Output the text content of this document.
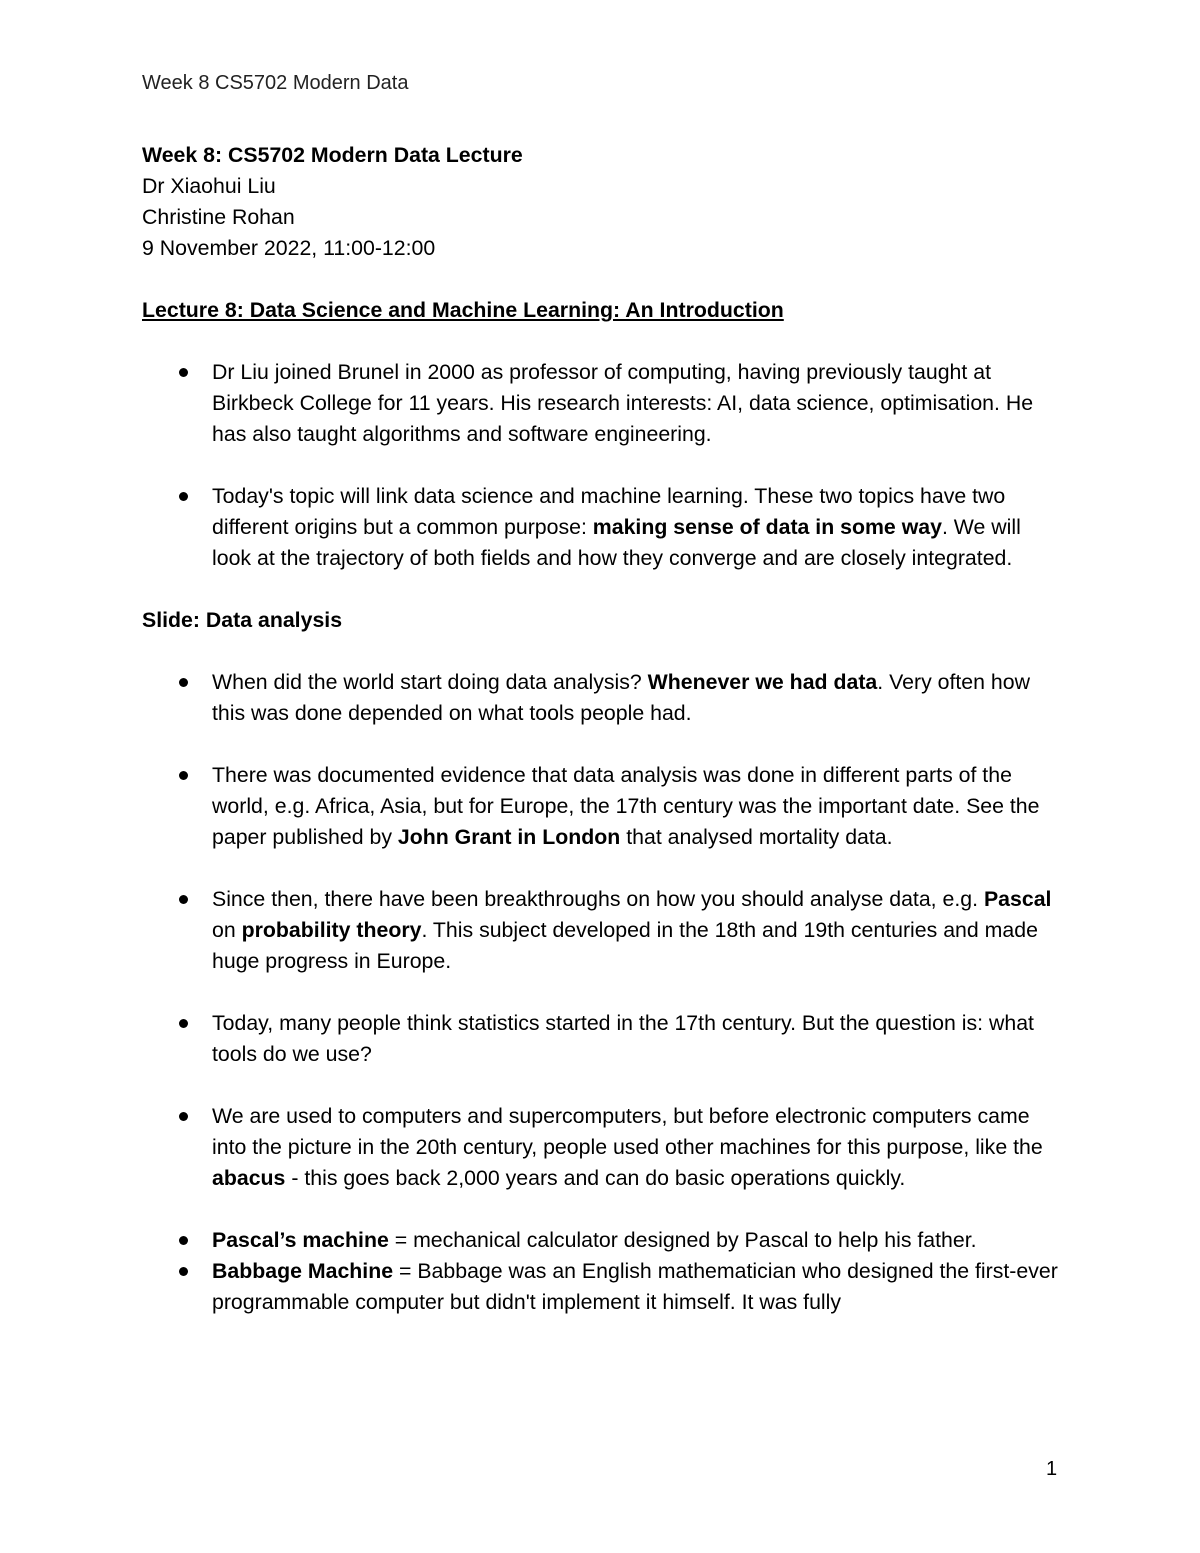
Week 8 CS5702 Modern Data

Week 8: CS5702 Modern Data Lecture

Dr Xiaohui Liu

Christine Rohan

9 November 2022, 11:00-12:00

Lecture 8: Data Science and Machine Learning: An Introduction

Dr Liu joined Brunel in 2000 as professor of computing, having previously taught at Birkbeck College for 11 years. His research interests: AI, data science, optimisation. He has also taught algorithms and software engineering.
Today's topic will link data science and machine learning. These two topics have two different origins but a common purpose: making sense of data in some way. We will look at the trajectory of both fields and how they converge and are closely integrated.

Slide: Data analysis

When did the world start doing data analysis? Whenever we had data. Very often how this was done depended on what tools people had.
There was documented evidence that data analysis was done in different parts of the world, e.g. Africa, Asia, but for Europe, the 17th century was the important date. See the paper published by John Grant in London that analysed mortality data.
Since then, there have been breakthroughs on how you should analyse data, e.g. Pascal on probability theory. This subject developed in the 18th and 19th centuries and made huge progress in Europe.
Today, many people think statistics started in the 17th century. But the question is: what tools do we use?
We are used to computers and supercomputers, but before electronic computers came into the picture in the 20th century, people used other machines for this purpose, like the abacus - this goes back 2,000 years and can do basic operations quickly.
Pascal’s machine = mechanical calculator designed by Pascal to help his father.
Babbage Machine = Babbage was an English mathematician who designed the first-ever programmable computer but didn't implement it himself. It was fully
1
